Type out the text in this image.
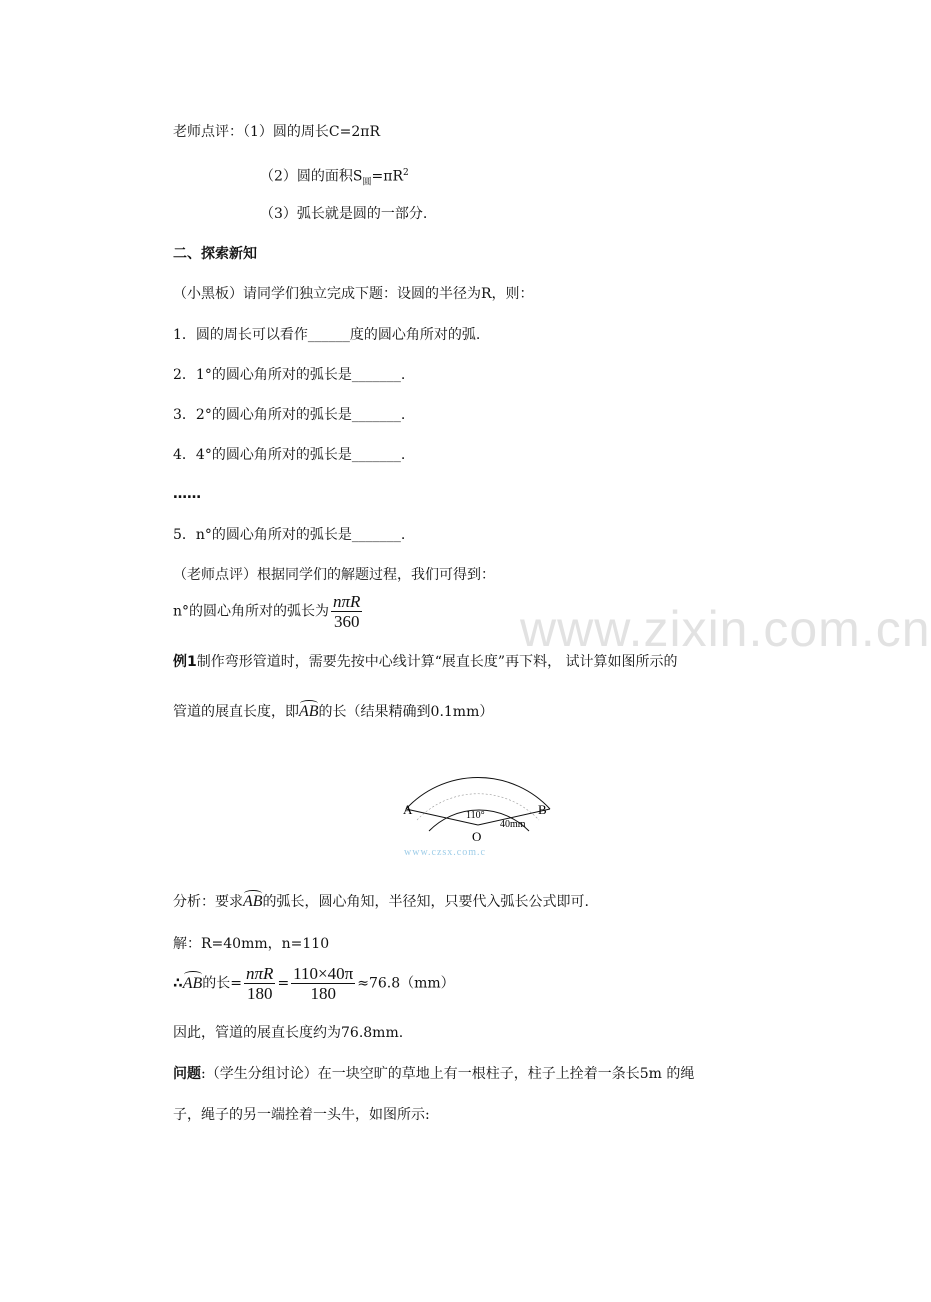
老师点评：（1）圆的周长C=2πR
（2）圆的面积$S_圆=\pi R^2$
（3）弧长就是圆的一部分.
二、探索新知
（小黑板）请同学们独立完成下题：设圆的半径为R，则：
1．圆的周长可以看作______度的圆心角所对的弧.
2．1°的圆心角所对的弧长是_______.
3．2°的圆心角所对的弧长是_______.
4．4°的圆心角所对的弧长是_______.
……
5．n°的圆心角所对的弧长是_______.
（老师点评）根据同学们的解题过程，我们可得到：
n°的圆心角所对的弧长为 $\frac{\text{nπR}}{360}$	www.zixin.com.cn
例1制作弯形管道时，需要先按中心线计算“展直长度”再下料， 试计算如图所示的
管道的展直长度，即AB的长（结果精确到0.1mm）
A	B
O
110°
40mm
www.czsx.com.c
分析：要求AB的弧长，圆心角知，半径知，只要代入弧长公式即可.
解：R=40mm，n=110
∴AB的长= $\frac{\text{nπR}}{180} = \frac{110\times 40\pi}{180} \approx 76.8(mm)$
因此，管道的展直长度约为76.8mm.
问题:（学生分组讨论）在一块空旷的草地上有一根柱子，柱子上拴着一条长5m 的绳
子，绳子的另一端拴着一头牛，如图所示:
